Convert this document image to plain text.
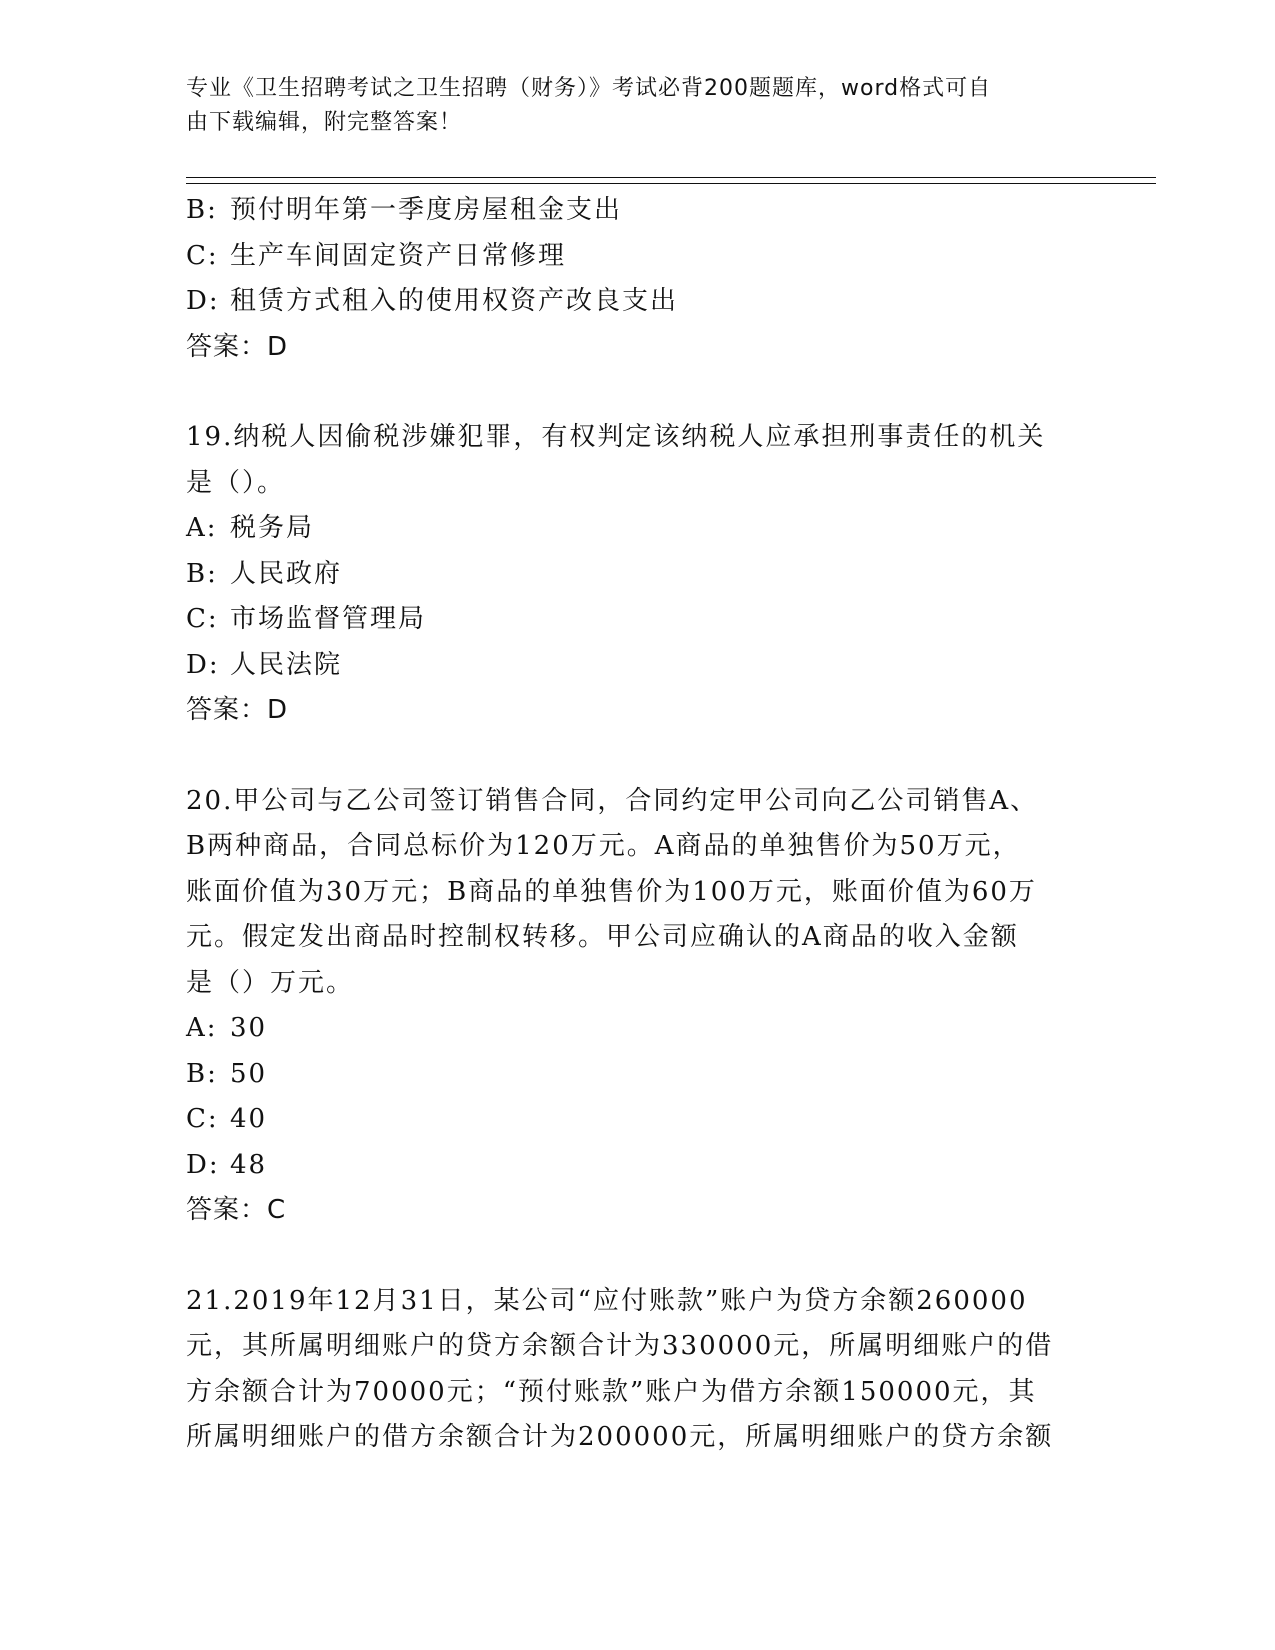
专业《卫生招聘考试之卫生招聘（财务）》考试必背200题题库，word格式可自
由下载编辑，附完整答案！
B: 预付明年第一季度房屋租金支出
C: 生产车间固定资产日常修理
D: 租赁方式租入的使用权资产改良支出
答案：D
19.纳税人因偷税涉嫌犯罪，有权判定该纳税人应承担刑事责任的机关
是（）。
A: 税务局
B: 人民政府
C: 市场监督管理局
D: 人民法院
答案：D
20.甲公司与乙公司签订销售合同，合同约定甲公司向乙公司销售A、
B两种商品，合同总标价为120万元。A商品的单独售价为50万元，
账面价值为30万元；B商品的单独售价为100万元，账面价值为60万
元。假定发出商品时控制权转移。甲公司应确认的A商品的收入金额
是（）万元。
A: 30
B: 50
C: 40
D: 48
答案：C
21.2019年12月31日，某公司“应付账款”账户为贷方余额260000
元，其所属明细账户的贷方余额合计为330000元，所属明细账户的借
方余额合计为70000元；“预付账款”账户为借方余额150000元，其
所属明细账户的借方余额合计为200000元，所属明细账户的贷方余额
